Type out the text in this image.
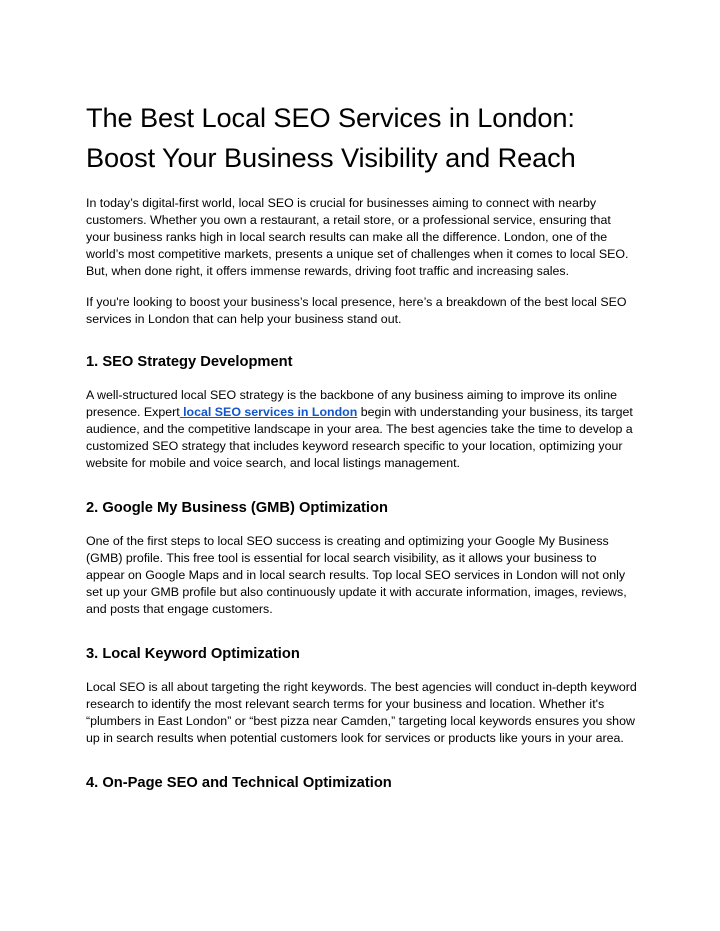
The Best Local SEO Services in London: Boost Your Business Visibility and Reach

In today’s digital-first world, local SEO is crucial for businesses aiming to connect with nearby customers. Whether you own a restaurant, a retail store, or a professional service, ensuring that your business ranks high in local search results can make all the difference. London, one of the world’s most competitive markets, presents a unique set of challenges when it comes to local SEO. But, when done right, it offers immense rewards, driving foot traffic and increasing sales.

If you're looking to boost your business’s local presence, here’s a breakdown of the best local SEO services in London that can help your business stand out.

1. SEO Strategy Development

A well-structured local SEO strategy is the backbone of any business aiming to improve its online presence. Expert local SEO services in London begin with understanding your business, its target audience, and the competitive landscape in your area. The best agencies take the time to develop a customized SEO strategy that includes keyword research specific to your location, optimizing your website for mobile and voice search, and local listings management.

2. Google My Business (GMB) Optimization

One of the first steps to local SEO success is creating and optimizing your Google My Business (GMB) profile. This free tool is essential for local search visibility, as it allows your business to appear on Google Maps and in local search results. Top local SEO services in London will not only set up your GMB profile but also continuously update it with accurate information, images, reviews, and posts that engage customers.

3. Local Keyword Optimization

Local SEO is all about targeting the right keywords. The best agencies will conduct in-depth keyword research to identify the most relevant search terms for your business and location. Whether it's “plumbers in East London” or “best pizza near Camden,” targeting local keywords ensures you show up in search results when potential customers look for services or products like yours in your area.

4. On-Page SEO and Technical Optimization
